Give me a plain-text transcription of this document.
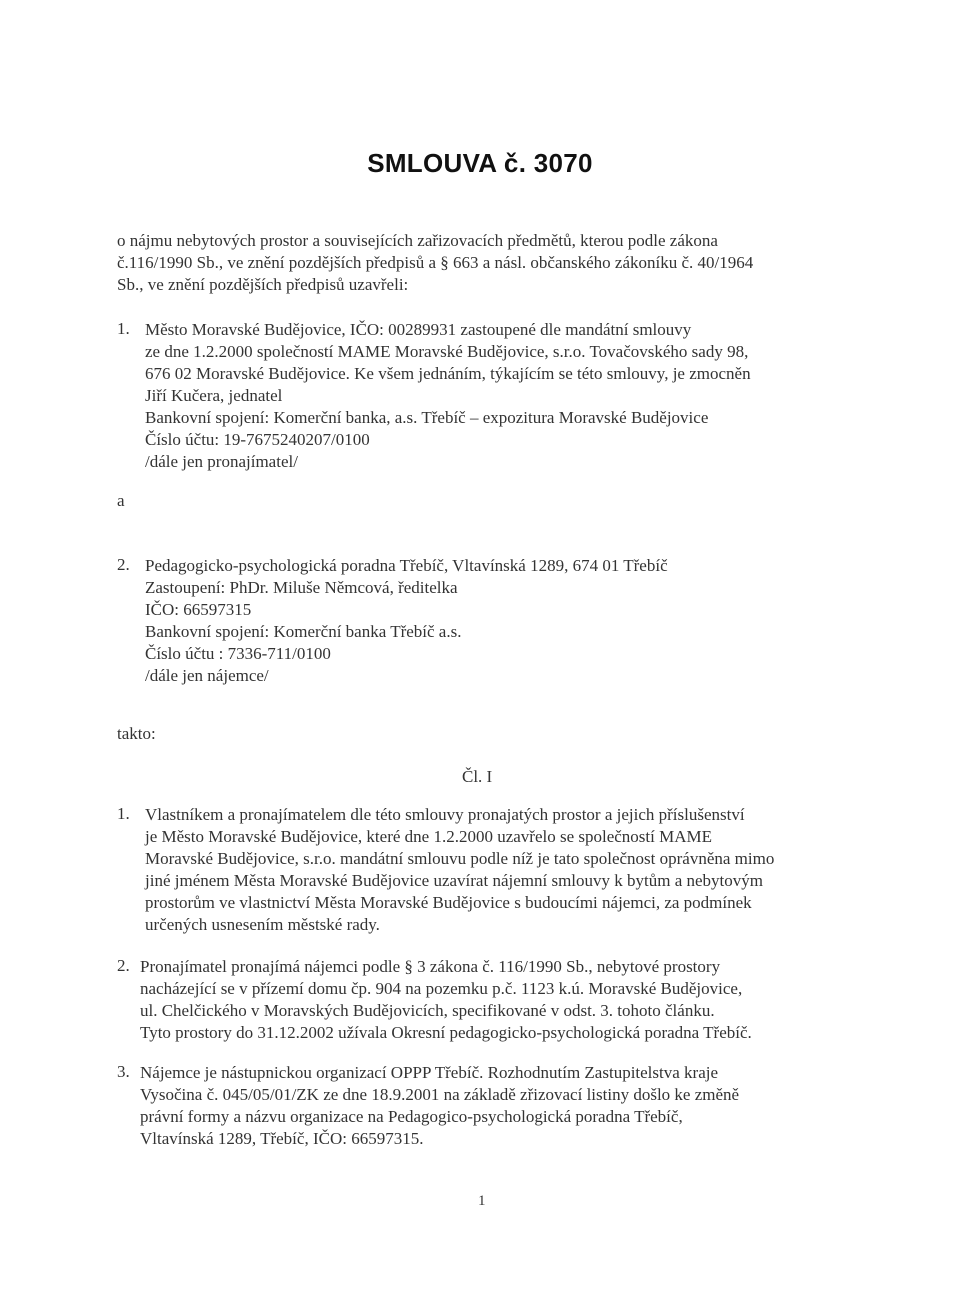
SMLOUVA č. 3070
o nájmu nebytových prostor a souvisejících zařizovacích předmětů, kterou podle zákona
č.116/1990 Sb., ve znění pozdějších předpisů a § 663 a násl. občanského zákoníku č. 40/1964
Sb., ve znění pozdějších předpisů uzavřeli:
1. Město Moravské Budějovice, IČO: 00289931 zastoupené dle mandátní smlouvy
ze dne 1.2.2000 společností MAME Moravské Budějovice, s.r.o. Tovačovského sady 98,
676 02 Moravské Budějovice. Ke všem jednáním, týkajícím se této smlouvy, je zmocněn
Jiří Kučera, jednatel
Bankovní spojení: Komerční banka, a.s. Třebíč – expozitura Moravské Budějovice
Číslo účtu: 19-7675240207/0100
/dále jen pronajímatel/
a
2. Pedagogicko-psychologická poradna Třebíč, Vltavínská 1289, 674 01 Třebíč
Zastoupení: PhDr. Miluše Němcová, ředitelka
IČO: 66597315
Bankovní spojení: Komerční banka Třebíč a.s.
Číslo účtu : 7336-711/0100
/dále jen nájemce/
takto:
Čl. I
1. Vlastníkem a pronajímatelem dle této smlouvy pronajatých prostor a jejich příslušenství
je Město Moravské Budějovice, které dne 1.2.2000 uzavřelo se společností MAME
Moravské Budějovice, s.r.o. mandátní smlouvu podle níž je tato společnost oprávněna mimo
jiné jménem Města Moravské Budějovice uzavírat nájemní smlouvy k bytům a nebytovým
prostorům ve vlastnictví Města Moravské Budějovice s budoucími nájemci, za podmínek
určených usnesením městské rady.
2. Pronajímatel pronajímá nájemci podle § 3 zákona č. 116/1990 Sb., nebytové prostory
nacházející se v přízemí domu čp. 904 na pozemku p.č. 1123 k.ú. Moravské Budějovice,
ul. Chelčického v Moravských Budějovicích, specifikované v odst. 3. tohoto článku.
Tyto prostory do 31.12.2002 užívala Okresní pedagogicko-psychologická poradna Třebíč.
3. Nájemce je nástupnickou organizací OPPP Třebíč. Rozhodnutím Zastupitelstva kraje
Vysočina č. 045/05/01/ZK ze dne 18.9.2001 na základě zřizovací listiny došlo ke změně
právní formy a názvu organizace na Pedagogico-psychologická poradna Třebíč,
Vltavínská 1289, Třebíč, IČO: 66597315.
1
